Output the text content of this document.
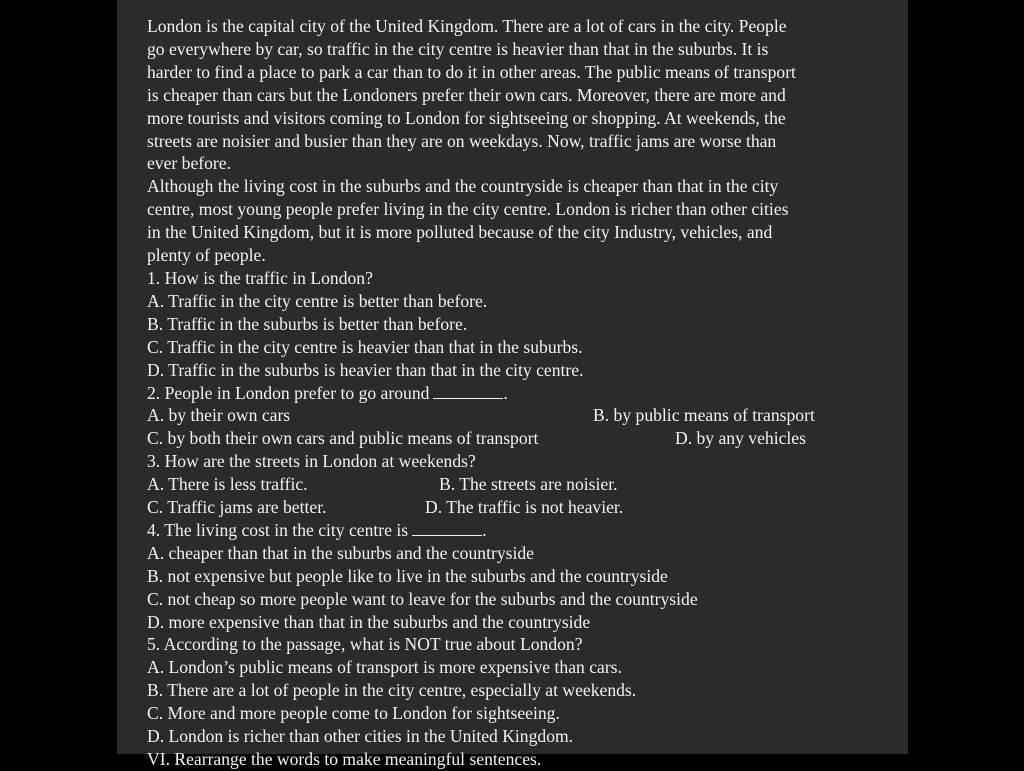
London is the capital city of the United Kingdom. There are a lot of cars in the city. People
go everywhere by car, so traffic in the city centre is heavier than that in the suburbs. It is
harder to find a place to park a car than to do it in other areas. The public means of transport
is cheaper than cars but the Londoners prefer their own cars. Moreover, there are more and
more tourists and visitors coming to London for sightseeing or shopping. At weekends, the
streets are noisier and busier than they are on weekdays. Now, traffic jams are worse than
ever before.
Although the living cost in the suburbs and the countryside is cheaper than that in the city
centre, most young people prefer living in the city centre. London is richer than other cities
in the United Kingdom, but it is more polluted because of the city Industry, vehicles, and
plenty of people.
1. How is the traffic in London?
A. Traffic in the city centre is better than before.
B. Traffic in the suburbs is better than before.
C. Traffic in the city centre is heavier than that in the suburbs.
D. Traffic in the suburbs is heavier than that in the city centre.
2. People in London prefer to go around	.
A. by their own cars	B. by public means of transport
C. by both their own cars and public means of transport	D. by any vehicles
3. How are the streets in London at weekends?
A. There is less traffic.	B. The streets are noisier.
C. Traffic jams are better.	D. The traffic is not heavier.
4. The living cost in the city centre is	.
A. cheaper than that in the suburbs and the countryside
B. not expensive but people like to live in the suburbs and the countryside
C. not cheap so more people want to leave for the suburbs and the countryside
D. more expensive than that in the suburbs and the countryside
5. According to the passage, what is NOT true about London?
A. London’s public means of transport is more expensive than cars.
B. There are a lot of people in the city centre, especially at weekends.
C. More and more people come to London for sightseeing.
D. London is richer than other cities in the United Kingdom.
VI. Rearrange the words to make meaningful sentences.
